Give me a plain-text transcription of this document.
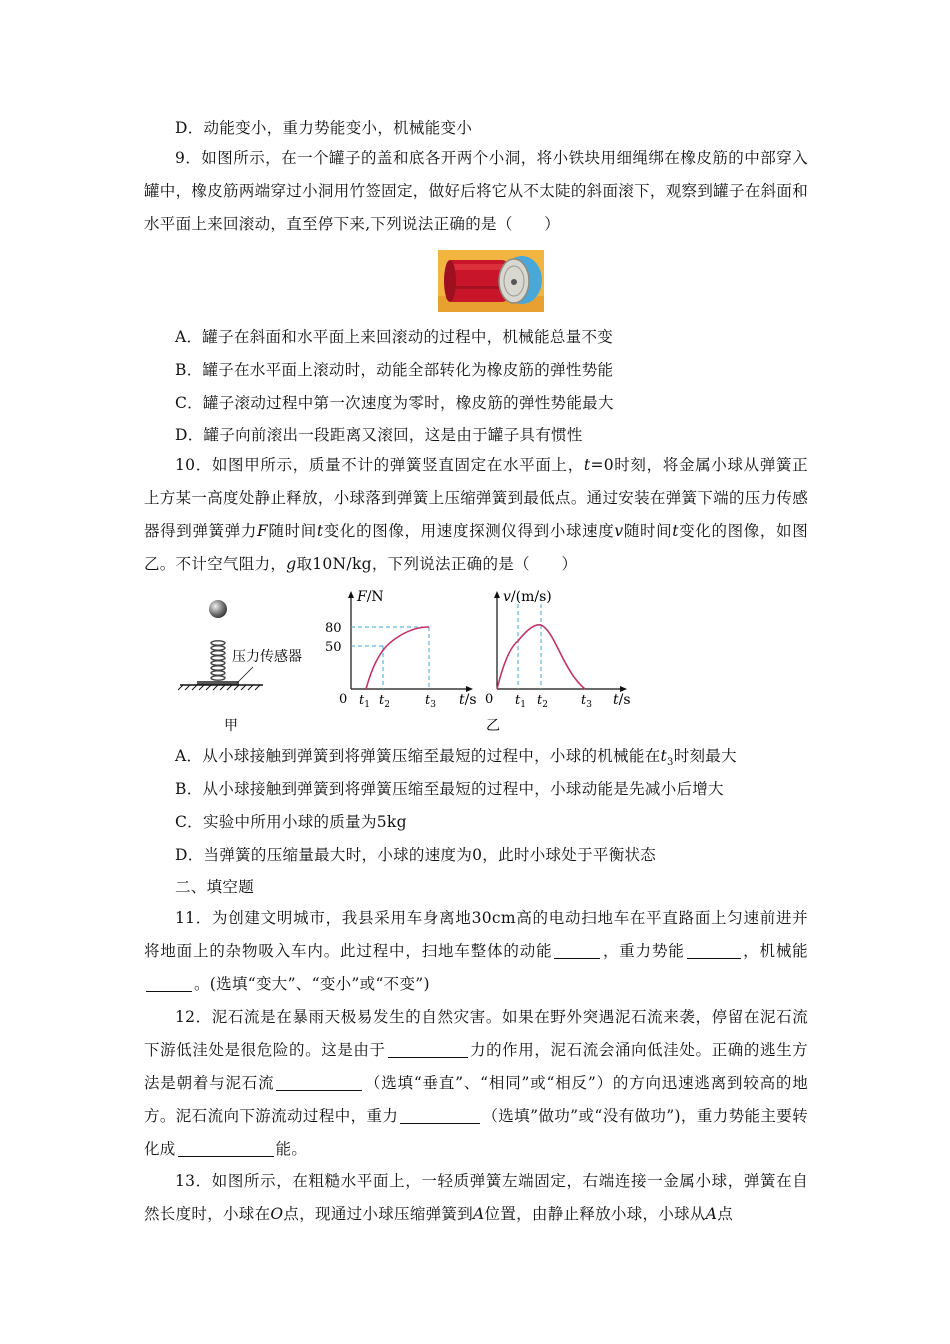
D．动能变小，重力势能变小，机械能变小
9．如图所示，在一个罐子的盖和底各开两个小洞，将小铁块用细绳绑在橡皮筋的中部穿入罐中，橡皮筋两端穿过小洞用竹签固定，做好后将它从不太陡的斜面滚下，观察到罐子在斜面和水平面上来回滚动，直至停下来,下列说法正确的是（　　）
A．罐子在斜面和水平面上来回滚动的过程中，机械能总量不变
B．罐子在水平面上滚动时，动能全部转化为橡皮筋的弹性势能
C．罐子滚动过程中第一次速度为零时，橡皮筋的弹性势能最大
D．罐子向前滚出一段距离又滚回，这是由于罐子具有惯性
10．如图甲所示，质量不计的弹簧竖直固定在水平面上，t=0时刻，将金属小球从弹簧正上方某一高度处静止释放，小球落到弹簧上压缩弹簧到最低点。通过安装在弹簧下端的压力传感器得到弹簧弹力F随时间t变化的图像，用速度探测仪得到小球速度v随时间t变化的图像，如图乙。不计空气阻力，g取10N/kg，下列说法正确的是（　　）
压力传感器
甲
F/N
80
50
0 $t_1$ $t_2$	$t_3$ t/s
v/(m/s)
0 $t_1$ $t_2$	$t_3$ t/s
乙
A．从小球接触到弹簧到将弹簧压缩至最短的过程中，小球的机械能在$t_3$时刻最大
B．从小球接触到弹簧到将弹簧压缩至最短的过程中，小球动能是先减小后增大
C．实验中所用小球的质量为5kg
D．当弹簧的压缩量最大时，小球的速度为0，此时小球处于平衡状态
二、填空题
11．为创建文明城市，我县采用车身离地30cm高的电动扫地车在平直路面上匀速前进并将地面上的杂物吸入车内。此过程中，扫地车整体的动能	，重力势能	，机械能。(选填“变大”、“变小”或“不变”)
12．泥石流是在暴雨天极易发生的自然灾害。如果在野外突遇泥石流来袭，停留在泥石流下游低洼处是很危险的。这是由于	力的作用，泥石流会涌向低洼处。正确的逃生方法是朝着与泥石流	（选填“垂直”、“相同”或“相反”）的方向迅速逃离到较高的地方。泥石流向下游流动过程中，重力	（选填”做功”或“没有做功”)，重力势能主要转化成	能。
13．如图所示，在粗糙水平面上，一轻质弹簧左端固定，右端连接一金属小球，弹簧在自然长度时，小球在O点，现通过小球压缩弹簧到A位置，由静止释放小球，小球从A点
